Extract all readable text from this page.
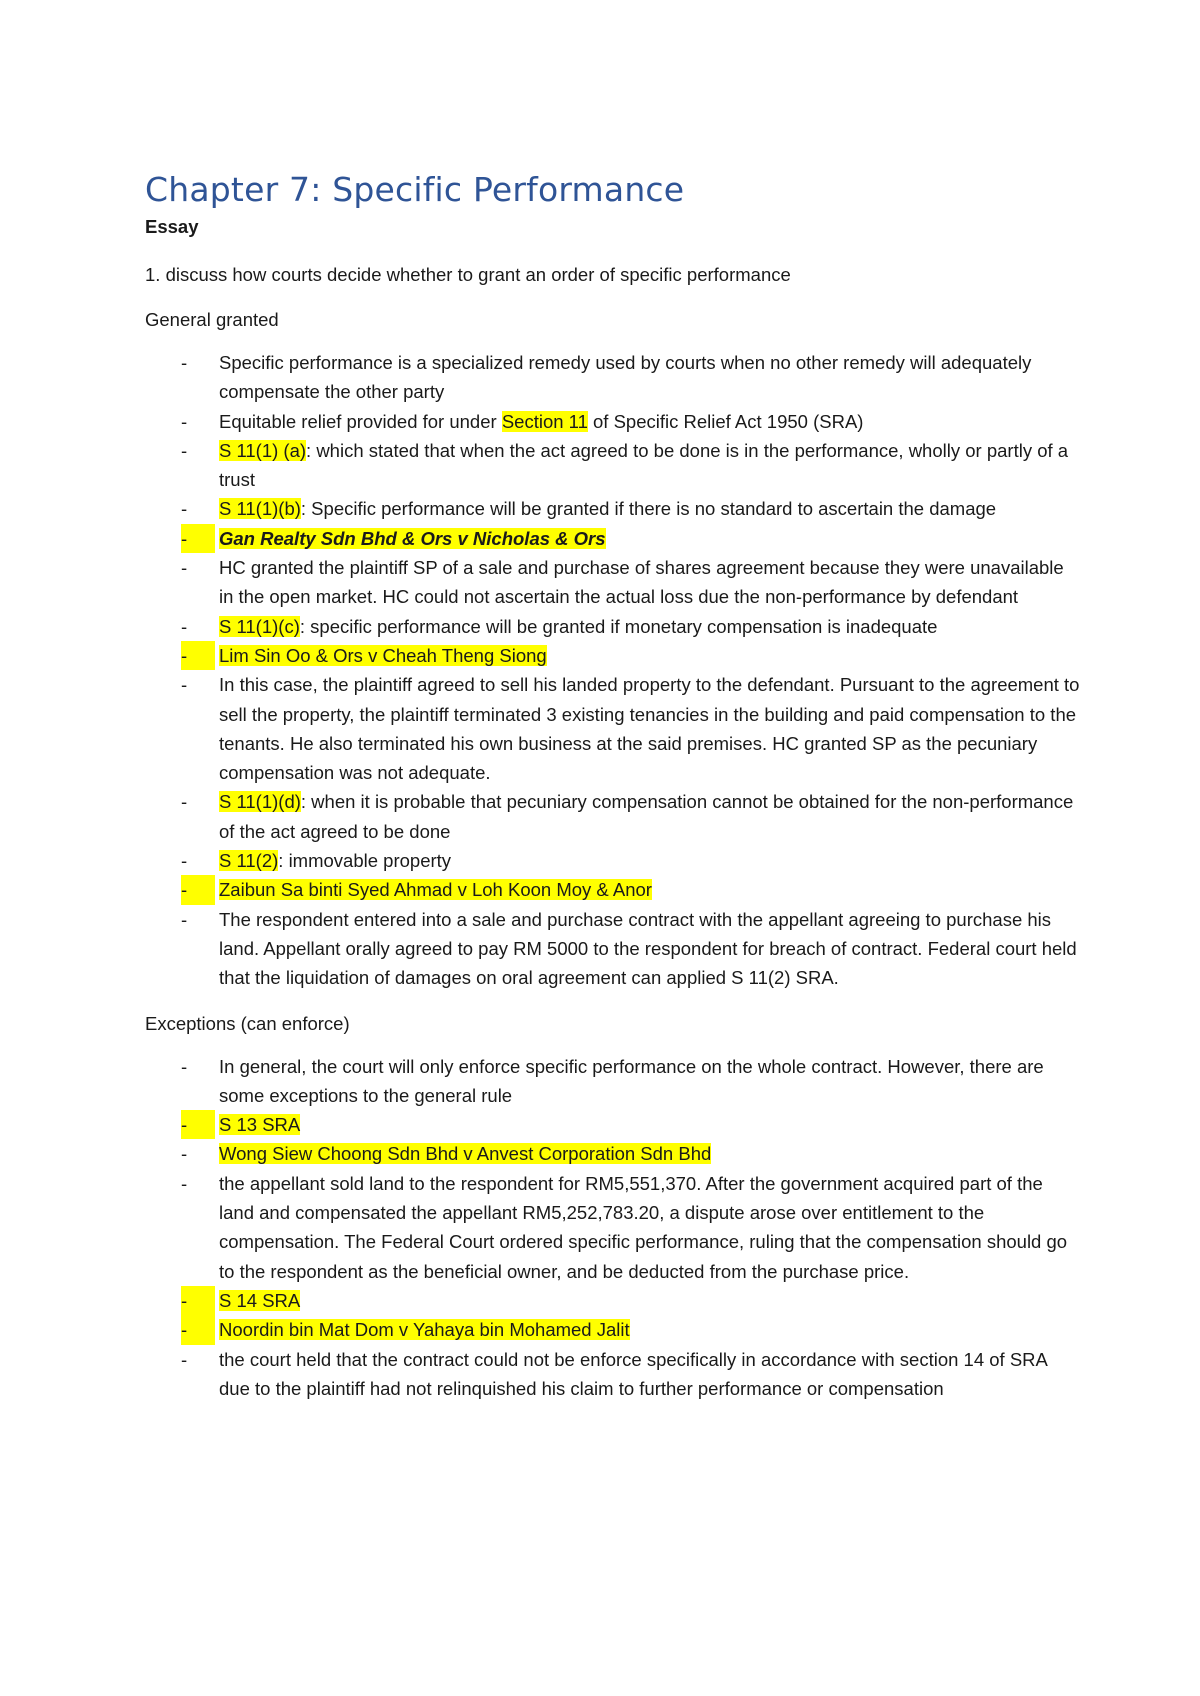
Chapter 7: Specific Performance
Essay

1. discuss how courts decide whether to grant an order of specific performance

General granted

- Specific performance is a specialized remedy used by courts when no other remedy will adequately compensate the other party
- Equitable relief provided for under Section 11 of Specific Relief Act 1950 (SRA)
- S 11(1) (a): which stated that when the act agreed to be done is in the performance, wholly or partly of a trust
- S 11(1)(b): Specific performance will be granted if there is no standard to ascertain the damage
-	Gan Realty Sdn Bhd & Ors v Nicholas & Ors
- HC granted the plaintiff SP of a sale and purchase of shares agreement because they were unavailable in the open market. HC could not ascertain the actual loss due the non-performance by defendant
- S 11(1)(c): specific performance will be granted if monetary compensation is inadequate
-	Lim Sin Oo & Ors v Cheah Theng Siong
- In this case, the plaintiff agreed to sell his landed property to the defendant. Pursuant to the agreement to sell the property, the plaintiff terminated 3 existing tenancies in the building and paid compensation to the tenants. He also terminated his own business at the said premises. HC granted SP as the pecuniary compensation was not adequate.
- S 11(1)(d): when it is probable that pecuniary compensation cannot be obtained for the non-performance of the act agreed to be done
- S 11(2): immovable property
-	Zaibun Sa binti Syed Ahmad v Loh Koon Moy & Anor
- The respondent entered into a sale and purchase contract with the appellant agreeing to purchase his land. Appellant orally agreed to pay RM 5000 to the respondent for breach of contract. Federal court held that the liquidation of damages on oral agreement can applied S 11(2) SRA.

Exceptions (can enforce)

- In general, the court will only enforce specific performance on the whole contract. However, there are some exceptions to the general rule
-	S 13 SRA
- Wong Siew Choong Sdn Bhd v Anvest Corporation Sdn Bhd
- the appellant sold land to the respondent for RM5,551,370. After the government acquired part of the land and compensated the appellant RM5,252,783.20, a dispute arose over entitlement to the compensation. The Federal Court ordered specific performance, ruling that the compensation should go to the respondent as the beneficial owner, and be deducted from the purchase price.
-	S 14 SRA
-	Noordin bin Mat Dom v Yahaya bin Mohamed Jalit
- the court held that the contract could not be enforce specifically in accordance with section 14 of SRA due to the plaintiff had not relinquished his claim to further performance or compensation
